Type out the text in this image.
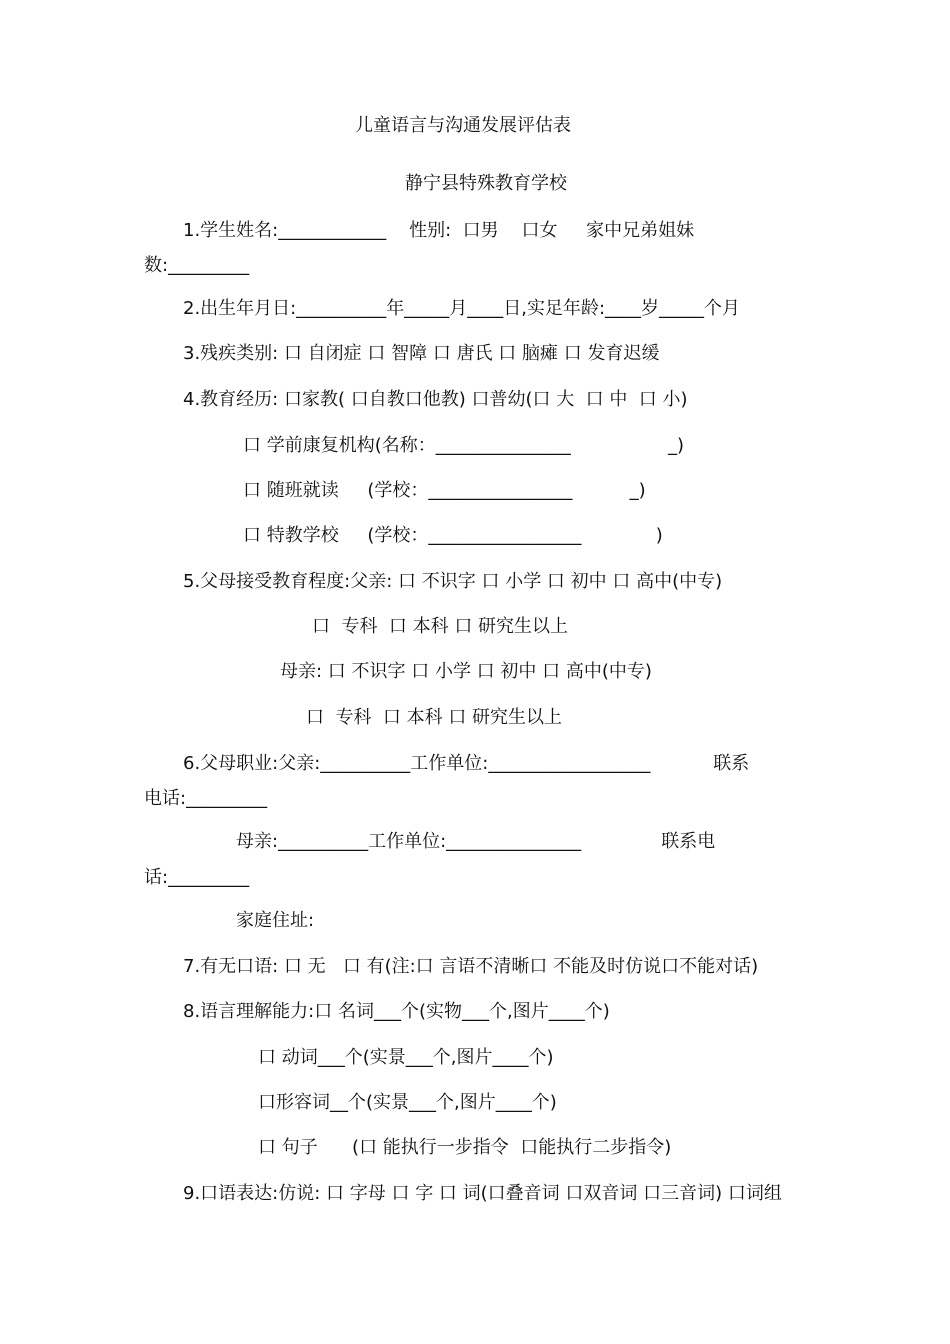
儿童语言与沟通发展评估表
静宁县特殊教育学校
1.学生姓名:____________    性别:  口男    口女     家中兄弟姐妹
数:_________
2.出生年月日:__________年_____月____日,实足年龄:____岁_____个月
3.残疾类别: 口 自闭症 口 智障 口 唐氏 口 脑瘫 口 发育迟缓
4.教育经历: 口家教( 口自教口他教) 口普幼(口 大  口 中  口 小)
口 学前康复机构(名称：_______________                 _)
口 随班就读     (学校：________________          _)
口 特教学校     (学校：_________________             )
5.父母接受教育程度:父亲: 口 不识字 口 小学 口 初中 口 高中(中专)
口  专科  口 本科 口 研究生以上
母亲: 口 不识字 口 小学 口 初中 口 高中(中专)
口  专科  口 本科 口 研究生以上
6.父母职业:父亲:__________工作单位:__________________           联系
电话:_________
母亲:__________工作单位:_______________              联系电
话:_________
家庭住址:
7.有无口语: 口 无   口 有(注:口 言语不清晰口 不能及时仿说口不能对话)
8.语言理解能力:口 名词___个(实物___个,图片____个)
口 动词___个(实景___个,图片____个)
口形容词__个(实景___个,图片____个)
口 句子      (口 能执行一步指令  口能执行二步指令)
9.口语表达:仿说: 口 字母 口 字 口 词(口叠音词 口双音词 口三音词) 口词组
